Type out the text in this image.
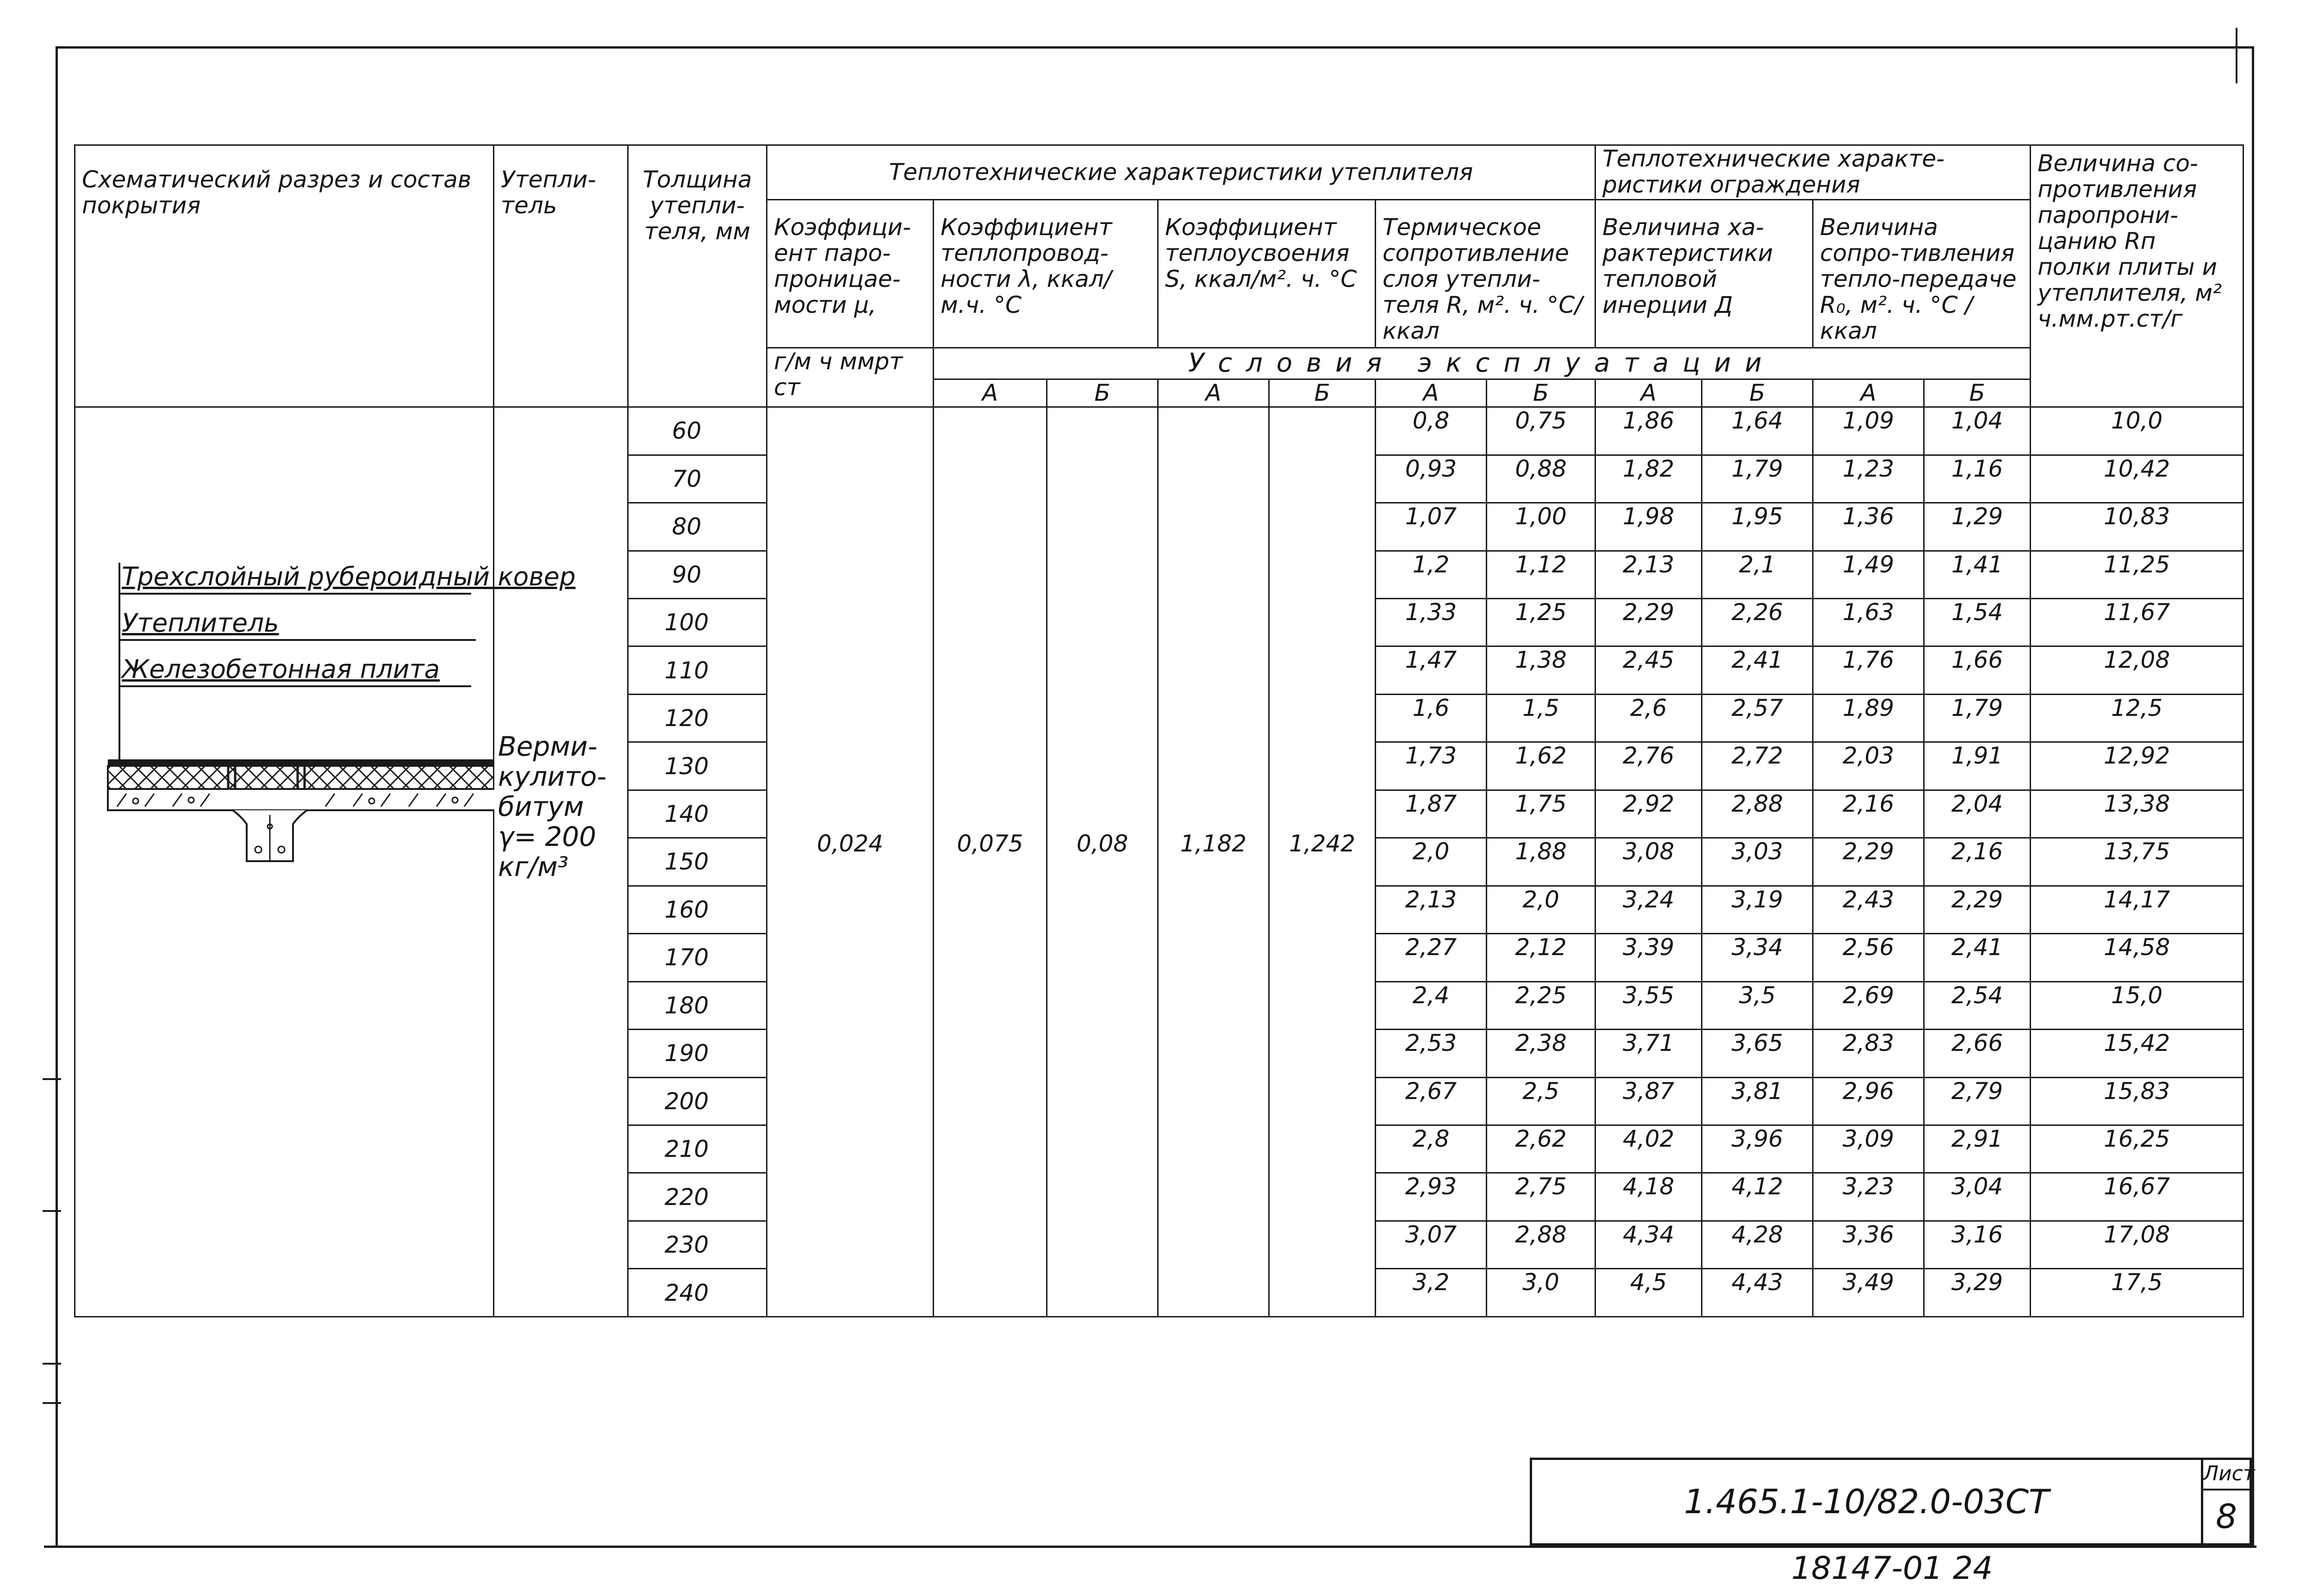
Схематический разрез и состав покрытия	Утепли-тель	Толщина утепли-теля, мм	Теплотехнические характеристики утеплителя							Теплотехнические характе-ристики ограждения				Величина со-противления паропрони-цанию Rп полки плиты и утеплителя, м² ч.мм.рт.ст/г
			Коэффици-ент паро-проницае-мости μ,	Коэффициент теплопровод-ности λ, ккал/м.ч. °С		Коэффициент теплоусвоения S, ккал/м². ч. °С		Термическое сопротивление слоя утепли-теля R, м². ч. °С/ккал		Величина ха-рактеристики тепловой инерции Д		Величина сопро-тивления тепло-передаче R₀, м². ч. °С /ккал		
			г/м ч ммрт ст	Условия эксплуатации										
				А	Б	А	Б	А	Б	А	Б	А	Б	

Трехслойный рубероидный ковер
Утеплитель
Железобетонная плита	Верми-кулито-битум γ= 200 кг/м³	60	0,024	0,075	0,08	1,182	1,242	0,8	0,75	1,86	1,64	1,09	1,04	10,0
		70						0,93	0,88	1,82	1,79	1,23	1,16	10,42
		80						1,07	1,00	1,98	1,95	1,36	1,29	10,83
		90						1,2	1,12	2,13	2,1	1,49	1,41	11,25
		100						1,33	1,25	2,29	2,26	1,63	1,54	11,67
		110						1,47	1,38	2,45	2,41	1,76	1,66	12,08
		120						1,6	1,5	2,6	2,57	1,89	1,79	12,5
		130						1,73	1,62	2,76	2,72	2,03	1,91	12,92
		140						1,87	1,75	2,92	2,88	2,16	2,04	13,38
		150						2,0	1,88	3,08	3,03	2,29	2,16	13,75
		160						2,13	2,0	3,24	3,19	2,43	2,29	14,17
		170						2,27	2,12	3,39	3,34	2,56	2,41	14,58
		180						2,4	2,25	3,55	3,5	2,69	2,54	15,0
		190						2,53	2,38	3,71	3,65	2,83	2,66	15,42
		200						2,67	2,5	3,87	3,81	2,96	2,79	15,83
		210						2,8	2,62	4,02	3,96	3,09	2,91	16,25
		220						2,93	2,75	4,18	4,12	3,23	3,04	16,67
		230						3,07	2,88	4,34	4,28	3,36	3,16	17,08
		240						3,2	3,0	4,5	4,43	3,49	3,29	17,5
1.465.1-10/82.0-03СТ
Лист
8
18147-01 24
